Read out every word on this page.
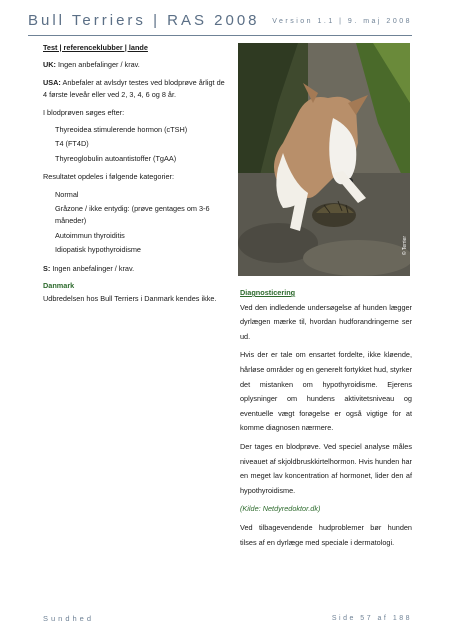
Bull Terriers | RAS 2008 Version 1.1 | 9. maj 2008

Test | referenceklubber | lande

UK: Ingen anbefalinger / krav.

USA: Anbefaler at avlsdyr testes ved blodprøve årligt de 4 første leveår eller ved 2, 3, 4, 6 og 8 år.

I blodprøven søges efter:

Thyreoidea stimulerende hormon (cTSH)
T4 (FT4D)
Thyreoglobulin autoantistoffer (TgAA)

Resultatet opdeles i følgende kategorier:

Normal
Gråzone / ikke entydig: (prøve gentages om 3-6 måneder)
Autoimmun thyroiditis
Idiopatisk hypothyroidisme

S: Ingen anbefalinger / krav.

Danmark

Udbredelsen hos Bull Terriers i Danmark kendes ikke.

© Terrier

Diagnosticering

Ved den indledende undersøgelse af hunden lægger dyrlægen mærke til, hvordan hudforandringerne ser ud.

Hvis der er tale om ensartet fordelte, ikke kløende, hårløse områder og en generelt fortykket hud, styrker det mistanken om hypothyroidisme. Ejerens oplysninger om hundens aktivitetsniveau og eventuelle vægt forøgelse er også vigtige for at komme diagnosen nærmere.

Der tages en blodprøve. Ved speciel analyse måles niveauet af skjoldbruskkirtelhormon. Hvis hunden har en meget lav koncentration af hormonet, lider den af hypothyroidisme.

(Kilde: Netdyredoktor.dk)

Ved tilbagevendende hudproblemer bør hunden tilses af en dyrlæge med speciale i dermatologi.

Sundhed	Side 57 af 188
